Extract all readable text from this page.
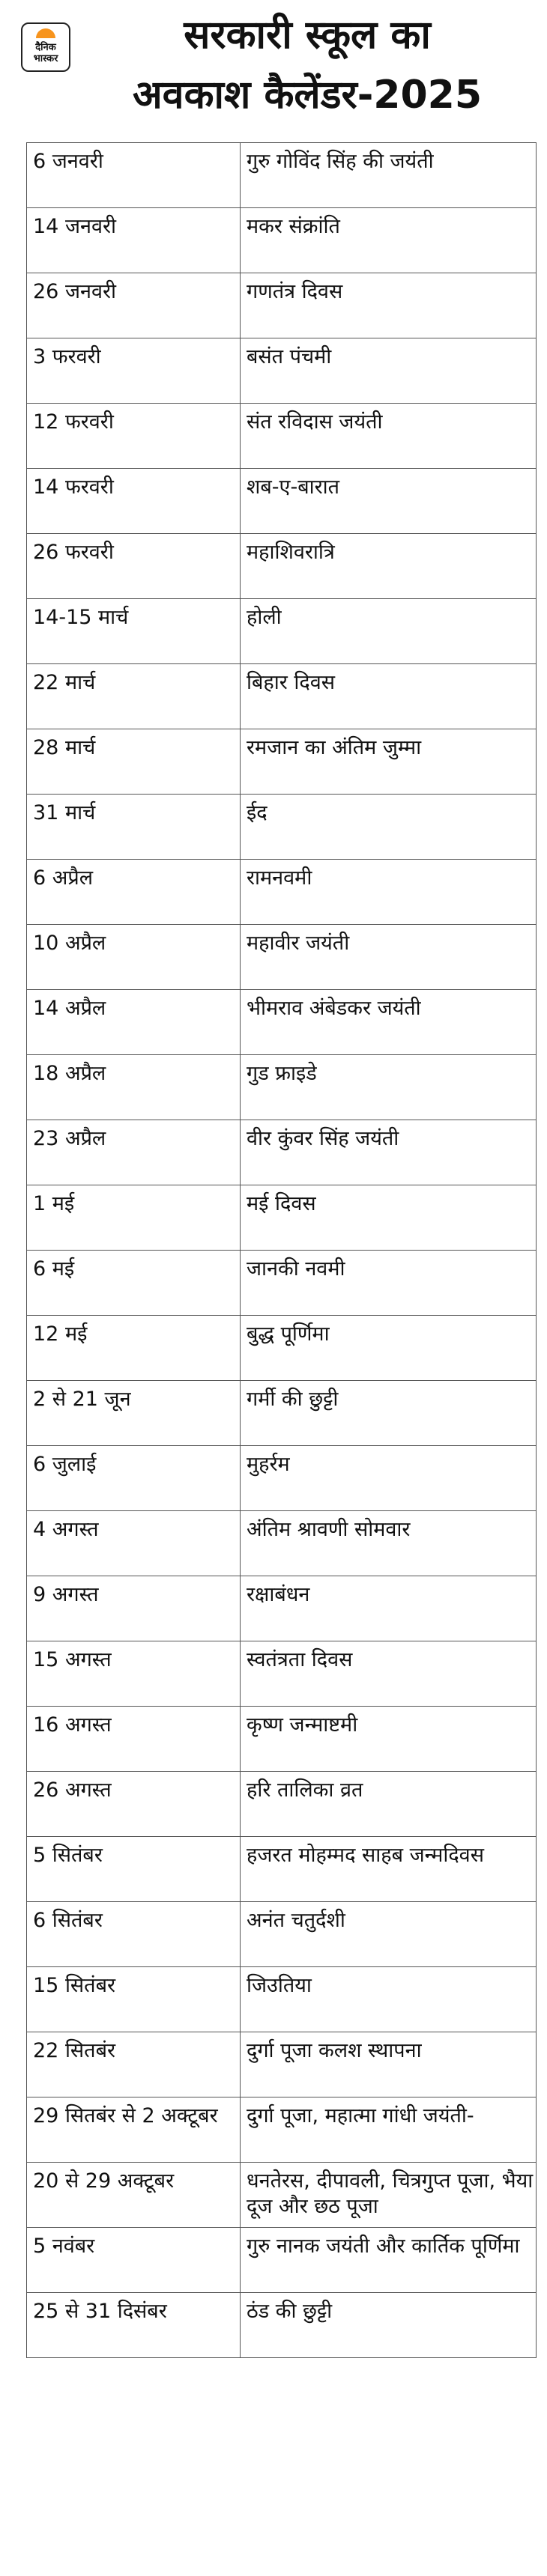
दैनिक
भास्कर
सरकारी स्कूल का
अवकाश कैलेंडर-2025
6 जनवरी	गुरु गोविंद सिंह की जयंती
14 जनवरी	मकर संक्रांति
26 जनवरी	गणतंत्र दिवस
3 फरवरी	बसंत पंचमी
12 फरवरी	संत रविदास जयंती
14 फरवरी	शब-ए-बारात
26 फरवरी	महाशिवरात्रि
14-15 मार्च	होली
22 मार्च	बिहार दिवस
28 मार्च	रमजान का अंतिम जुम्मा
31 मार्च	ईद
6 अप्रैल	रामनवमी
10 अप्रैल	महावीर जयंती
14 अप्रैल	भीमराव अंबेडकर जयंती
18 अप्रैल	गुड फ्राइडे
23 अप्रैल	वीर कुंवर सिंह जयंती
1 मई	मई दिवस
6 मई	जानकी नवमी
12 मई	बुद्ध पूर्णिमा
2 से 21 जून	गर्मी की छुट्टी
6 जुलाई	मुहर्रम
4 अगस्त	अंतिम श्रावणी सोमवार
9 अगस्त	रक्षाबंधन
15 अगस्त	स्वतंत्रता दिवस
16 अगस्त	कृष्ण जन्माष्टमी
26 अगस्त	हरि तालिका व्रत
5 सितंबर	हजरत मोहम्मद साहब जन्मदिवस
6 सितंबर	अनंत चतुर्दशी
15 सितंबर	जिउतिया
22 सितबंर	दुर्गा पूजा कलश स्थापना
29 सितबंर से 2 अक्टूबर	दुर्गा पूजा, महात्मा गांधी जयंती-
20 से 29 अक्टूबर	धनतेरस, दीपावली, चित्रगुप्त पूजा, भैया दूज और छठ पूजा
5 नवंबर	गुरु नानक जयंती और कार्तिक पूर्णिमा
25 से 31 दिसंबर	ठंड की छुट्टी
